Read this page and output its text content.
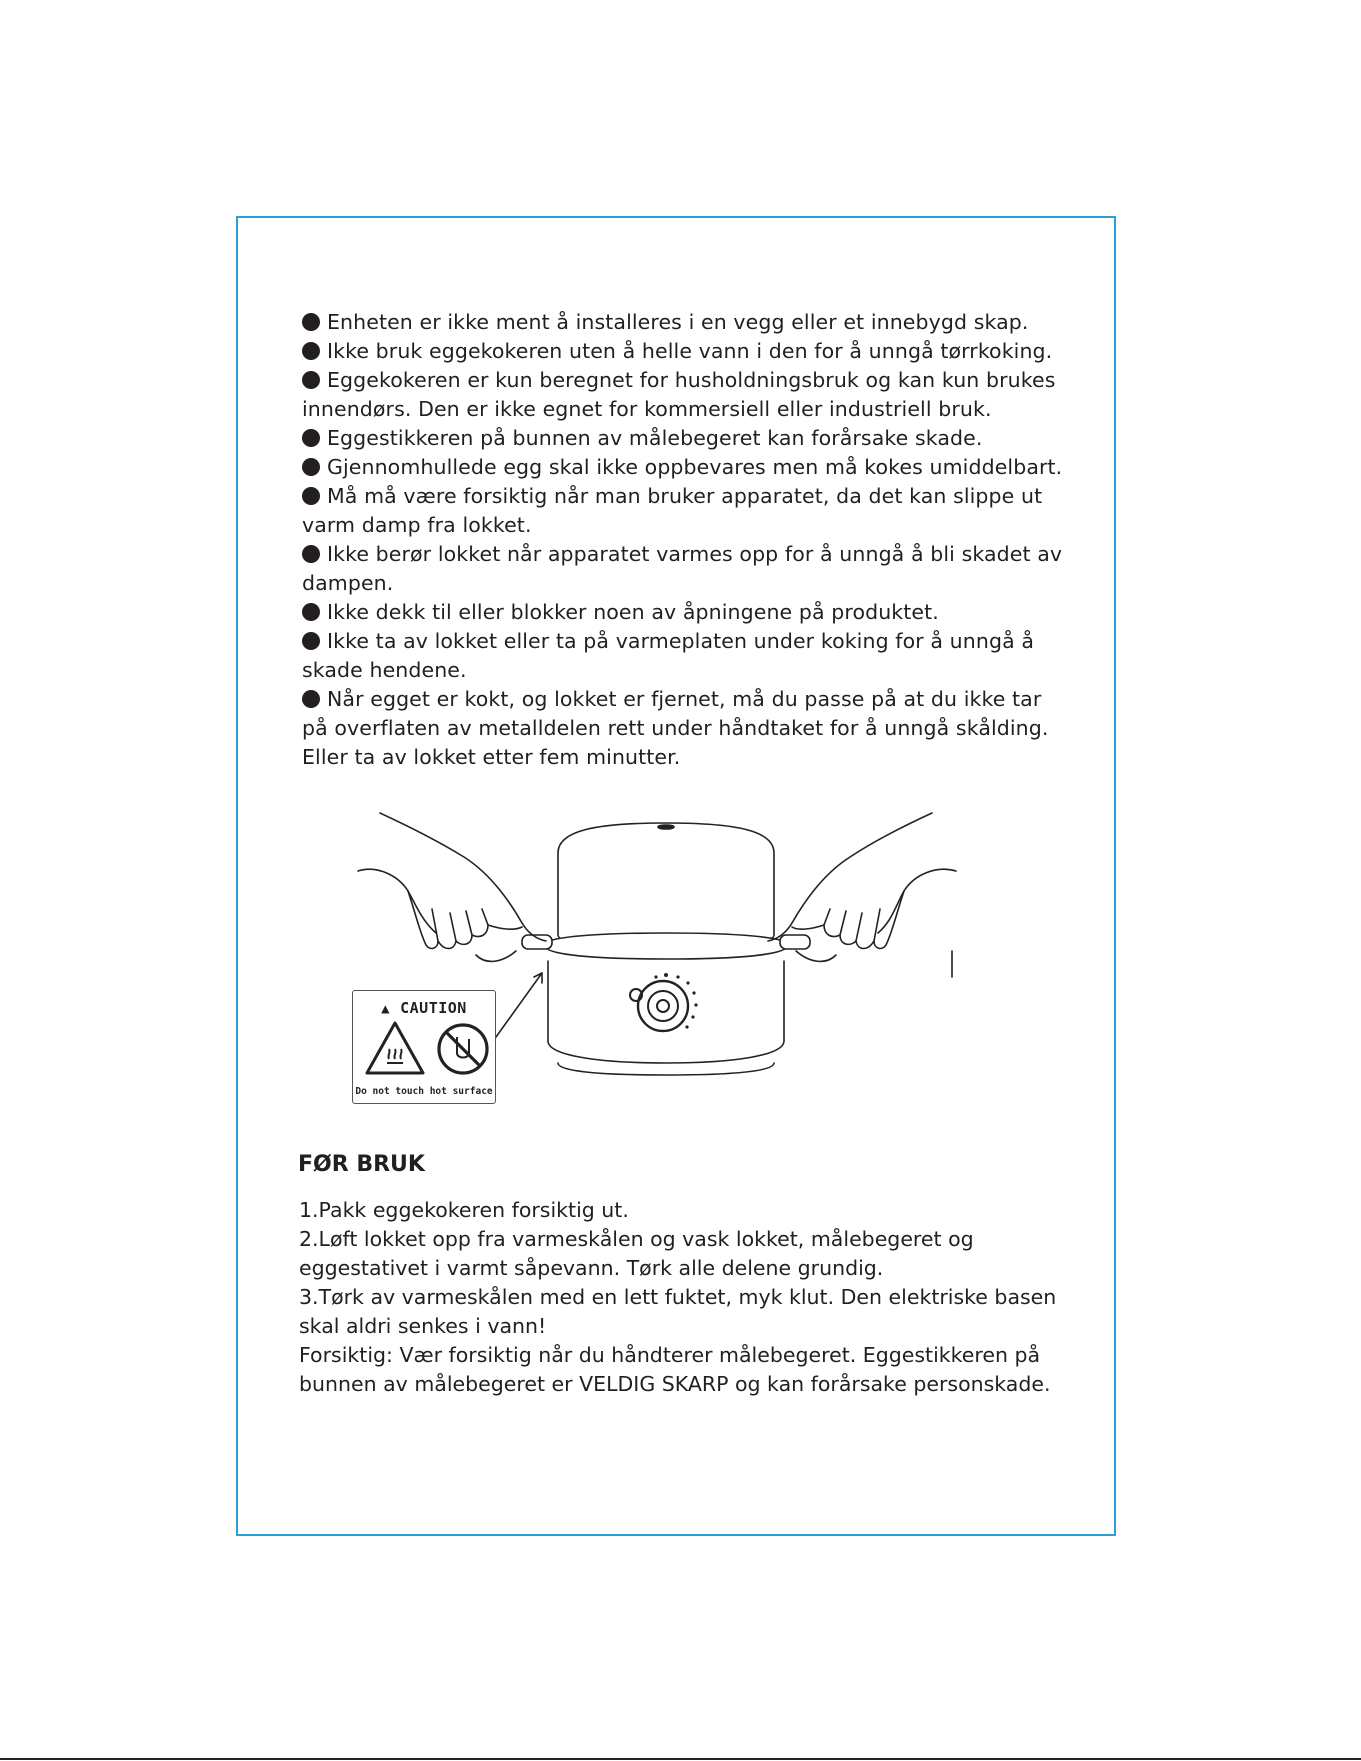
Enheten er ikke ment å installeres i en vegg eller et innebygd skap.

Ikke bruk eggekokeren uten å helle vann i den for å unngå tørrkoking.

Eggekokeren er kun beregnet for husholdningsbruk og kan kun brukes innendørs. Den er ikke egnet for kommersiell eller industriell bruk.

Eggestikkeren på bunnen av målebegeret kan forårsake skade.

Gjennomhullede egg skal ikke oppbevares men må kokes umiddelbart.

Må må være forsiktig når man bruker apparatet, da det kan slippe ut varm damp fra lokket.

Ikke berør lokket når apparatet varmes opp for å unngå å bli skadet av dampen.

Ikke dekk til eller blokker noen av åpningene på produktet.

Ikke ta av lokket eller ta på varmeplaten under koking for å unngå å skade hendene.

Når egget er kokt, og lokket er fjernet, må du passe på at du ikke tar på overflaten av metalldelen rett under håndtaket for å unngå skålding. Eller ta av lokket etter fem minutter.

▲ CAUTION
Do not touch hot surface
FØR BRUK

1.Pakk eggekokeren forsiktig ut.

2.Løft lokket opp fra varmeskålen og vask lokket, målebegeret og eggestativet i varmt såpevann. Tørk alle delene grundig.

3.Tørk av varmeskålen med en lett fuktet, myk klut. Den elektriske basen skal aldri senkes i vann!

Forsiktig: Vær forsiktig når du håndterer målebegeret. Eggestikkeren på bunnen av målebegeret er VELDIG SKARP og kan forårsake personskade.
